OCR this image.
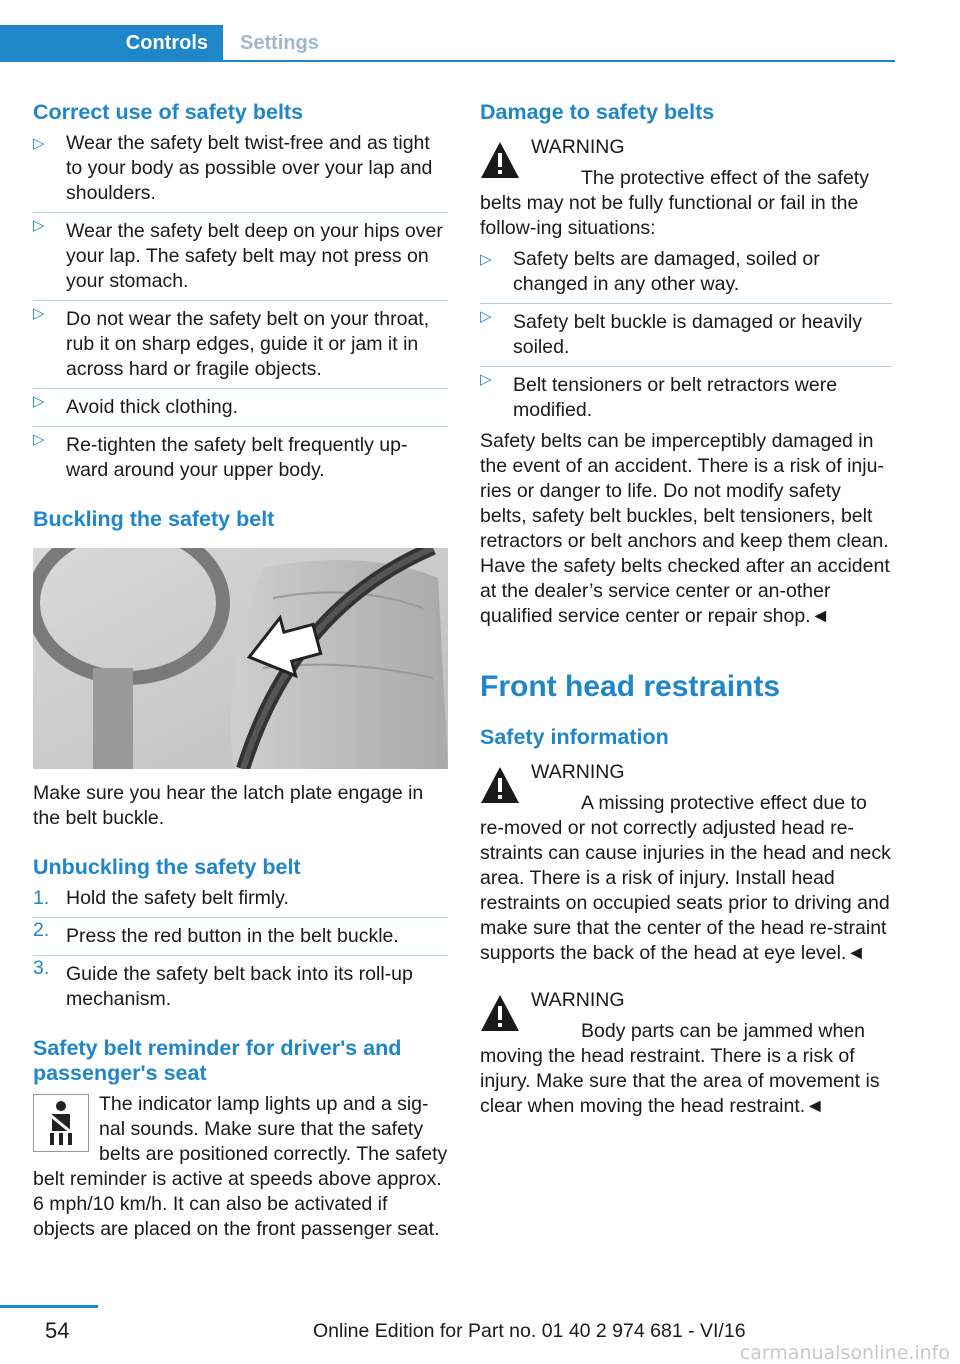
Controls	Settings
Correct use of safety belts
▷ Wear the safety belt twist-free and as tight to your body as possible over your lap and shoulders.
▷ Wear the safety belt deep on your hips over your lap. The safety belt may not press on your stomach.
▷ Do not wear the safety belt on your throat, rub it on sharp edges, guide it or jam it in across hard or fragile objects.
▷ Avoid thick clothing.
▷ Re-tighten the safety belt frequently up-ward around your upper body.
Buckling the safety belt

Make sure you hear the latch plate engage in the belt buckle.

Unbuckling the safety belt
1. Hold the safety belt firmly.
2. Press the red button in the belt buckle.
3. Guide the safety belt back into its roll-up mechanism.
Safety belt reminder for driver's and passenger's seat

The indicator lamp lights up and a sig-nal sounds. Make sure that the safety belts are positioned correctly. The safety belt reminder is active at speeds above approx. 6 mph/10 km/h. It can also be activated if objects are placed on the front passenger seat.

Damage to safety belts
WARNING

The protective effect of the safety belts may not be fully functional or fail in the follow-ing situations:

▷ Safety belts are damaged, soiled or changed in any other way.
▷ Safety belt buckle is damaged or heavily soiled.
▷ Belt tensioners or belt retractors were modified.

Safety belts can be imperceptibly damaged in the event of an accident. There is a risk of inju-ries or danger to life. Do not modify safety belts, safety belt buckles, belt tensioners, belt retractors or belt anchors and keep them clean. Have the safety belts checked after an accident at the dealer’s service center or an-other qualified service center or repair shop.◄

Front head restraints
Safety information
WARNING

A missing protective effect due to re-moved or not correctly adjusted head re-straints can cause injuries in the head and neck area. There is a risk of injury. Install head restraints on occupied seats prior to driving and make sure that the center of the head re-straint supports the back of the head at eye level.◄

WARNING

Body parts can be jammed when moving the head restraint. There is a risk of injury. Make sure that the area of movement is clear when moving the head restraint.◄

54	Online Edition for Part no. 01 40 2 974 681 - VI/16
carmanualsonline.info
